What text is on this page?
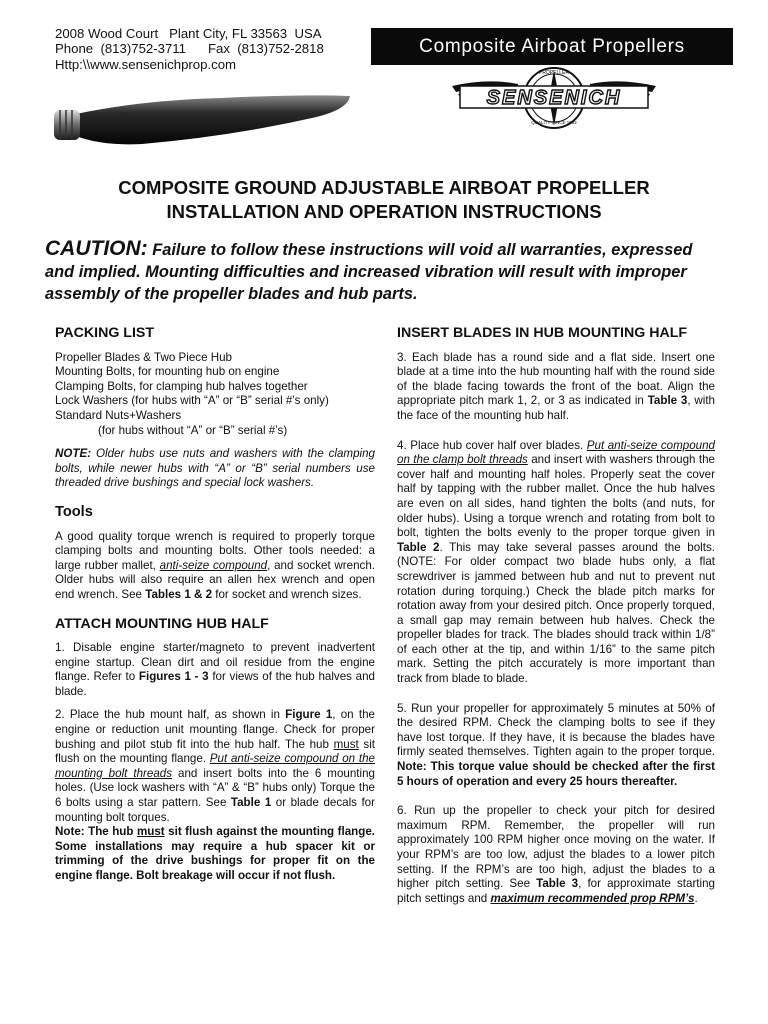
2008 Wood Court   Plant City, FL 33563  USA
Phone  (813)752-3711      Fax  (813)752-2818
Http:\\www.sensenichprop.com
Composite Airboat Propellers
SENSENICH
PROPELLER
QUALITY SINCE 1932
COMPOSITE GROUND ADJUSTABLE AIRBOAT PROPELLER
INSTALLATION AND OPERATION INSTRUCTIONS
CAUTION: Failure to follow these instructions will void all warranties, expressed and implied. Mounting difficulties and increased vibration will result with improper assembly of the propeller blades and hub parts.
PACKING LIST
Propeller Blades & Two Piece Hub
Mounting Bolts, for mounting hub on engine
Clamping Bolts, for clamping hub halves together
Lock Washers (for hubs with “A” or “B” serial #’s only)
Standard Nuts+Washers
(for hubs without “A” or “B” serial #’s)

NOTE: Older hubs use nuts and washers with the clamping bolts, while newer hubs with “A” or “B” serial numbers use threaded drive bushings and special lock washers.

Tools

A good quality torque wrench is required to properly torque clamping bolts and mounting bolts. Other tools needed: a large rubber mallet, anti-seize compound, and socket wrench. Older hubs will also require an allen hex wrench and open end wrench. See Tables 1 & 2 for socket and wrench sizes.

ATTACH MOUNTING HUB HALF

1. Disable engine starter/magneto to prevent inadvertent engine startup. Clean dirt and oil residue from the engine flange. Refer to Figures 1 - 3 for views of the hub halves and blade.

2. Place the hub mount half, as shown in Figure 1, on the engine or reduction unit mounting flange. Check for proper bushing and pilot stub fit into the hub half. The hub must sit flush on the mounting flange. Put anti-seize compound on the mounting bolt threads and insert bolts into the 6 mounting holes. (Use lock washers with “A” & “B” hubs only) Torque the 6 bolts using a star pattern. See Table 1 or blade decals for mounting bolt torques.

Note: The hub must sit flush against the mounting flange. Some installations may require a hub spacer kit or trimming of the drive bushings for proper fit on the engine flange. Bolt breakage will occur if not flush.

INSERT BLADES IN HUB MOUNTING HALF

3. Each blade has a round side and a flat side. Insert one blade at a time into the hub mounting half with the round side of the blade facing towards the front of the boat. Align the appropriate pitch mark 1, 2, or 3 as indicated in Table 3, with the face of the mounting hub half.

4. Place hub cover half over blades. Put anti-seize compound on the clamp bolt threads and insert with washers through the cover half and mounting half holes. Properly seat the cover half by tapping with the rubber mallet. Once the hub halves are even on all sides, hand tighten the bolts (and nuts, for older hubs). Using a torque wrench and rotating from bolt to bolt, tighten the bolts evenly to the proper torque given in Table 2. This may take several passes around the bolts. (NOTE: For older compact two blade hubs only, a flat screwdriver is jammed between hub and nut to prevent nut rotation during torquing.) Check the blade pitch marks for rotation away from your desired pitch. Once properly torqued, a small gap may remain between hub halves. Check the propeller blades for track. The blades should track within 1/8” of each other at the tip, and within 1/16” to the same pitch mark. Setting the pitch accurately is more important than track from blade to blade.

5. Run your propeller for approximately 5 minutes at 50% of the desired RPM. Check the clamping bolts to see if they have lost torque. If they have, it is because the blades have firmly seated themselves. Tighten again to the proper torque. Note: This torque value should be checked after the first 5 hours of operation and every 25 hours thereafter.

6. Run up the propeller to check your pitch for desired maximum RPM. Remember, the propeller will run approximately 100 RPM higher once moving on the water. If your RPM’s are too low, adjust the blades to a lower pitch setting. If the RPM’s are too high, adjust the blades to a higher pitch setting. See Table 3, for approximate starting pitch settings and maximum recommended prop RPM’s.
